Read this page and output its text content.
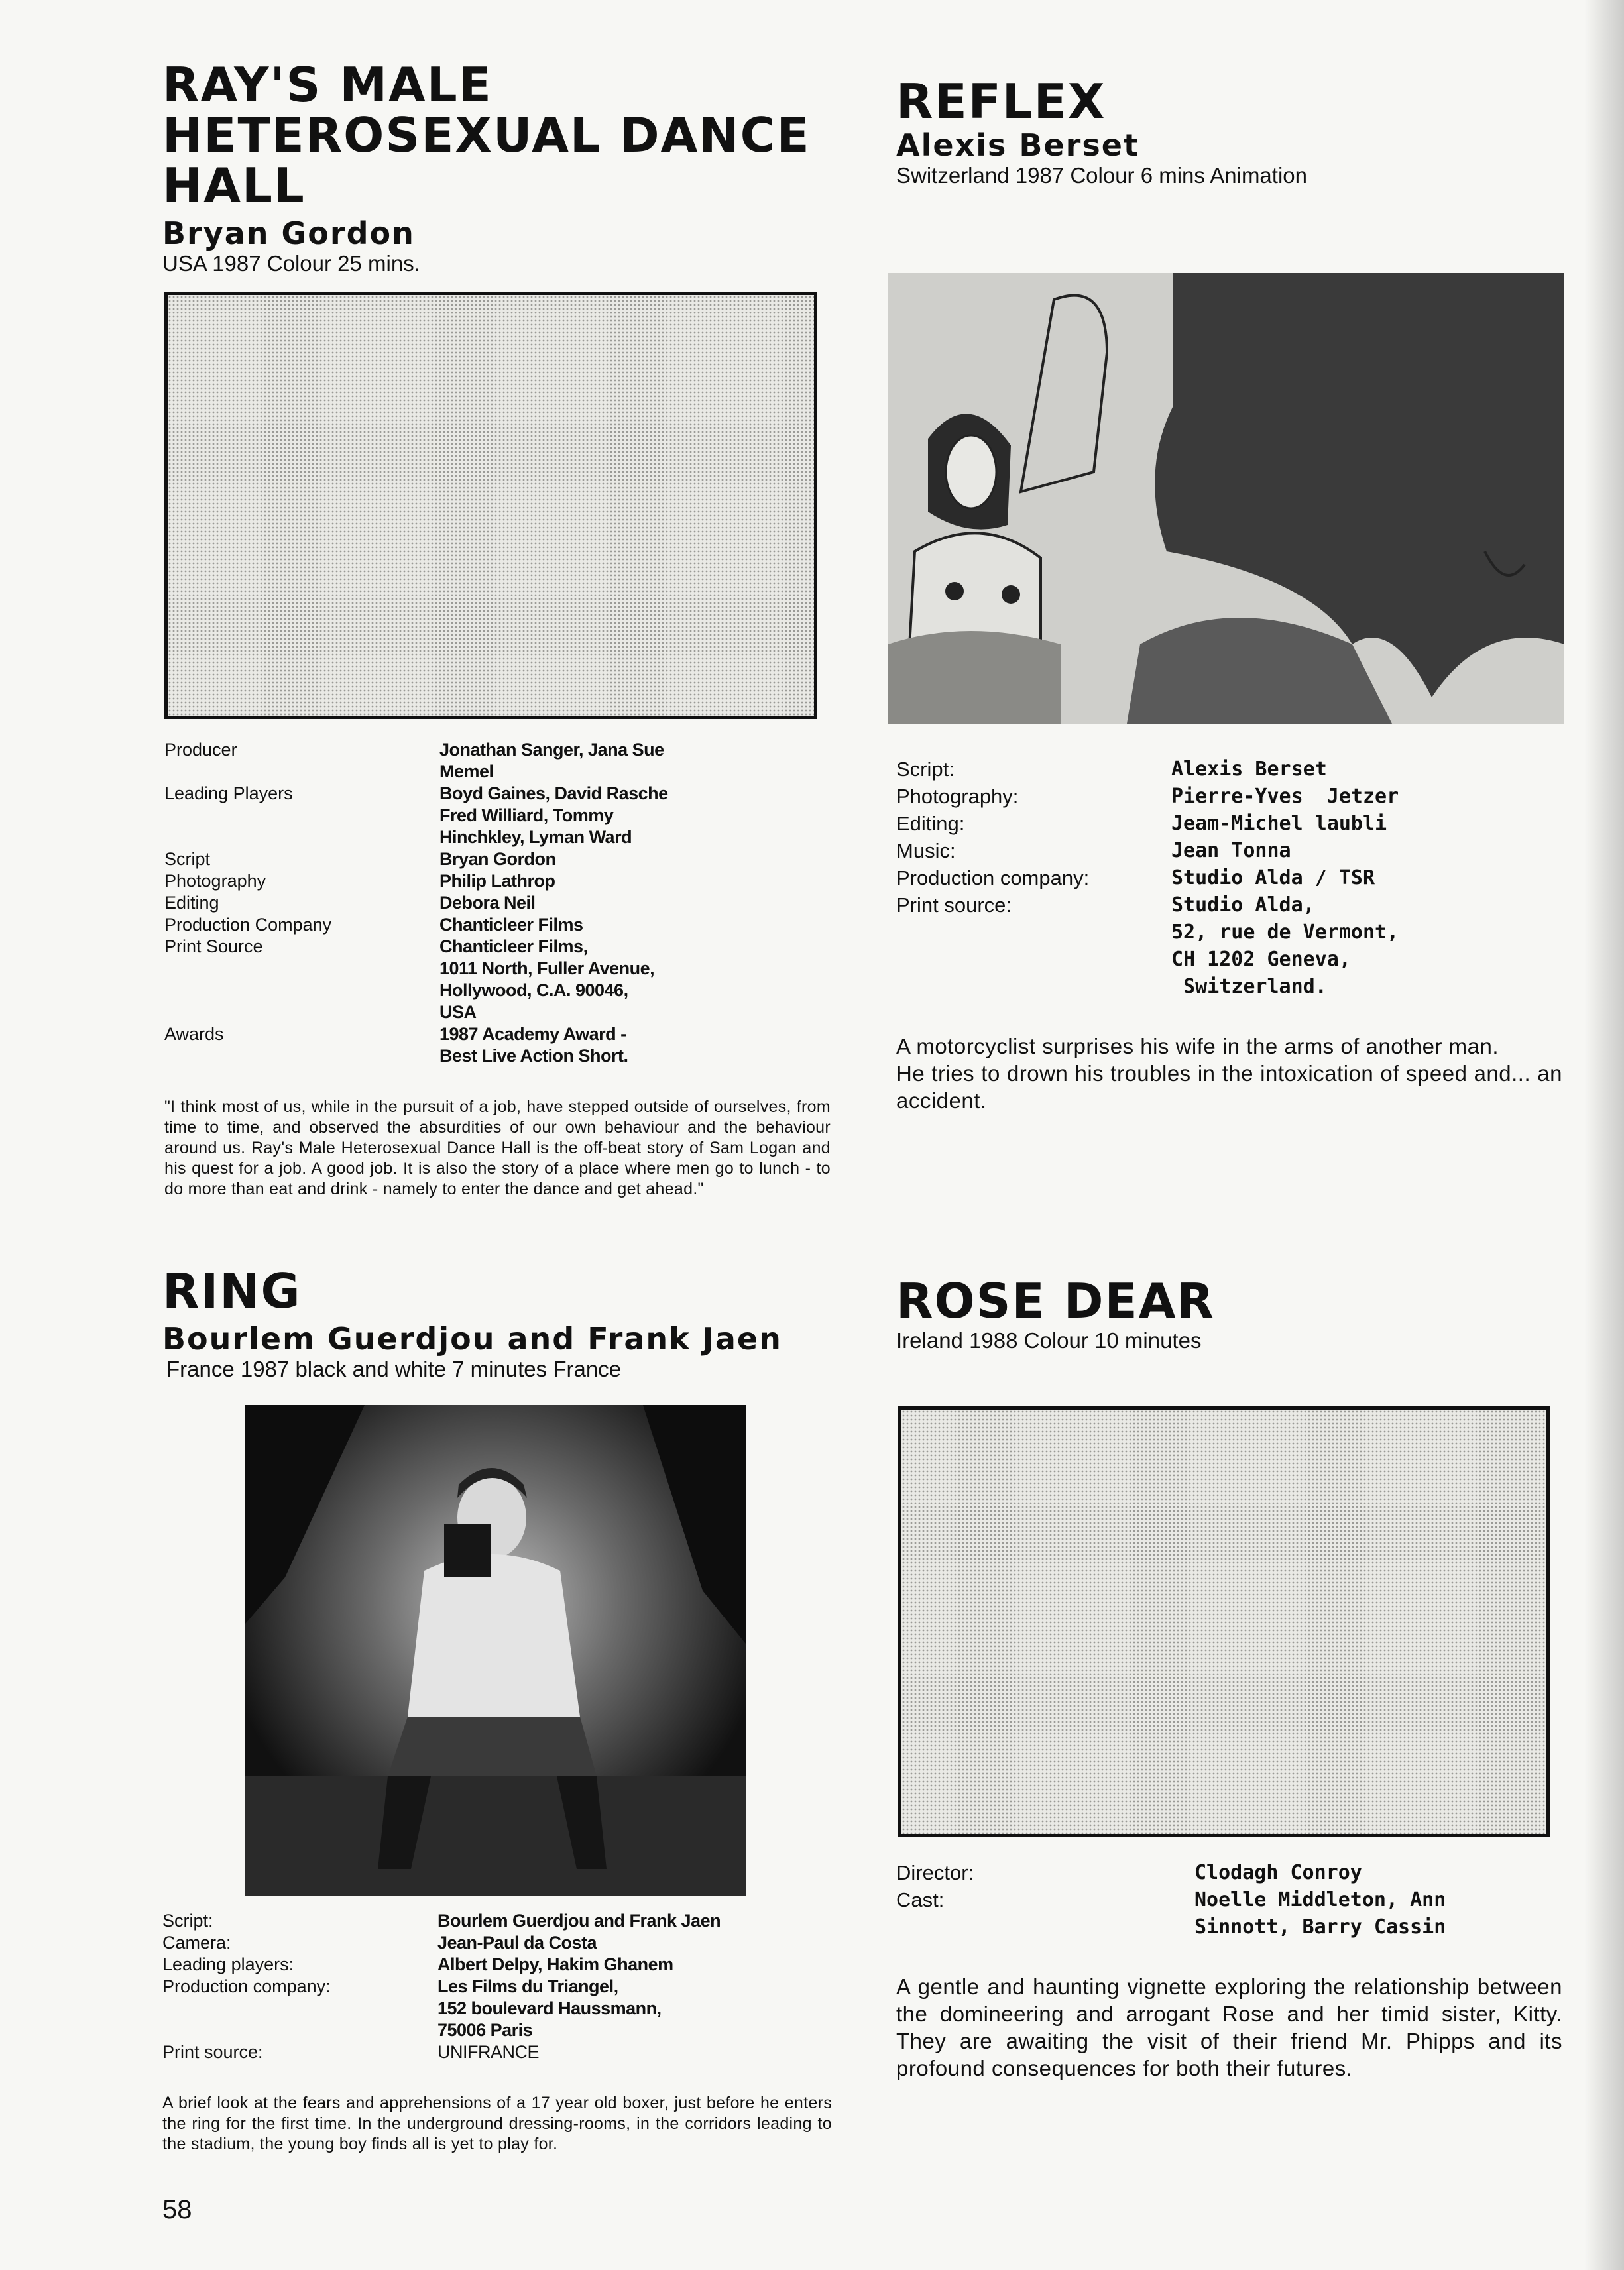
RAY'S MALE
HETEROSEXUAL DANCE
HALL
Bryan Gordon
USA 1987 Colour 25 mins.
Producer	Jonathan Sanger, Jana Sue
Memel
Leading Players	Boyd Gaines, David Rasche
Fred Williard, Tommy
Hinchkley, Lyman Ward
Script	Bryan Gordon
Photography	Philip Lathrop
Editing	Debora Neil
Production Company	Chanticleer Films
Print Source	Chanticleer Films,
1011 North, Fuller Avenue,
Hollywood, C.A. 90046,
USA
Awards	1987 Academy Award -
Best Live Action Short.
"I think most of us, while in the pursuit of a job, have stepped outside of ourselves, from time to time, and observed the absurdities of our own behaviour and the behaviour around us. Ray's Male Heterosexual Dance Hall is the off-beat story of Sam Logan and his quest for a job. A good job. It is also the story of a place where men go to lunch - to do more than eat and drink - namely to enter the dance and get ahead."
RING
Bourlem Guerdjou and Frank Jaen
France 1987 black and white 7 minutes France
Script:	Bourlem Guerdjou and Frank Jaen
Camera:	Jean-Paul da Costa
Leading players:	Albert Delpy, Hakim Ghanem
Production company:	Les Films du Triangel,
152 boulevard Haussmann,
75006 Paris
Print source:	UNIFRANCE
A brief look at the fears and apprehensions of a 17 year old boxer, just before he enters the ring for the first time. In the underground dressing-rooms, in the corridors leading to the stadium, the young boy finds all is yet to play for.
58
REFLEX
Alexis Berset
Switzerland 1987 Colour 6 mins Animation
Script:	Alexis Berset
Photography:	Pierre-Yves  Jetzer
Editing:	Jeam-Michel laubli
Music:	Jean Tonna
Production company:	Studio Alda / TSR
Print source:	Studio Alda,
52, rue de Vermont,
CH 1202 Geneva,
Switzerland.
A motorcyclist surprises his wife in the arms of another man.
He tries to drown his troubles in the intoxication of speed and... an accident.
ROSE DEAR
Ireland 1988 Colour 10 minutes
Director:	Clodagh Conroy
Cast:	Noelle Middleton, Ann
Sinnott, Barry Cassin
A gentle and haunting vignette exploring the relationship between the domineering and arrogant Rose and her timid sister, Kitty. They are awaiting the visit of their friend Mr. Phipps and its profound consequences for both their futures.
